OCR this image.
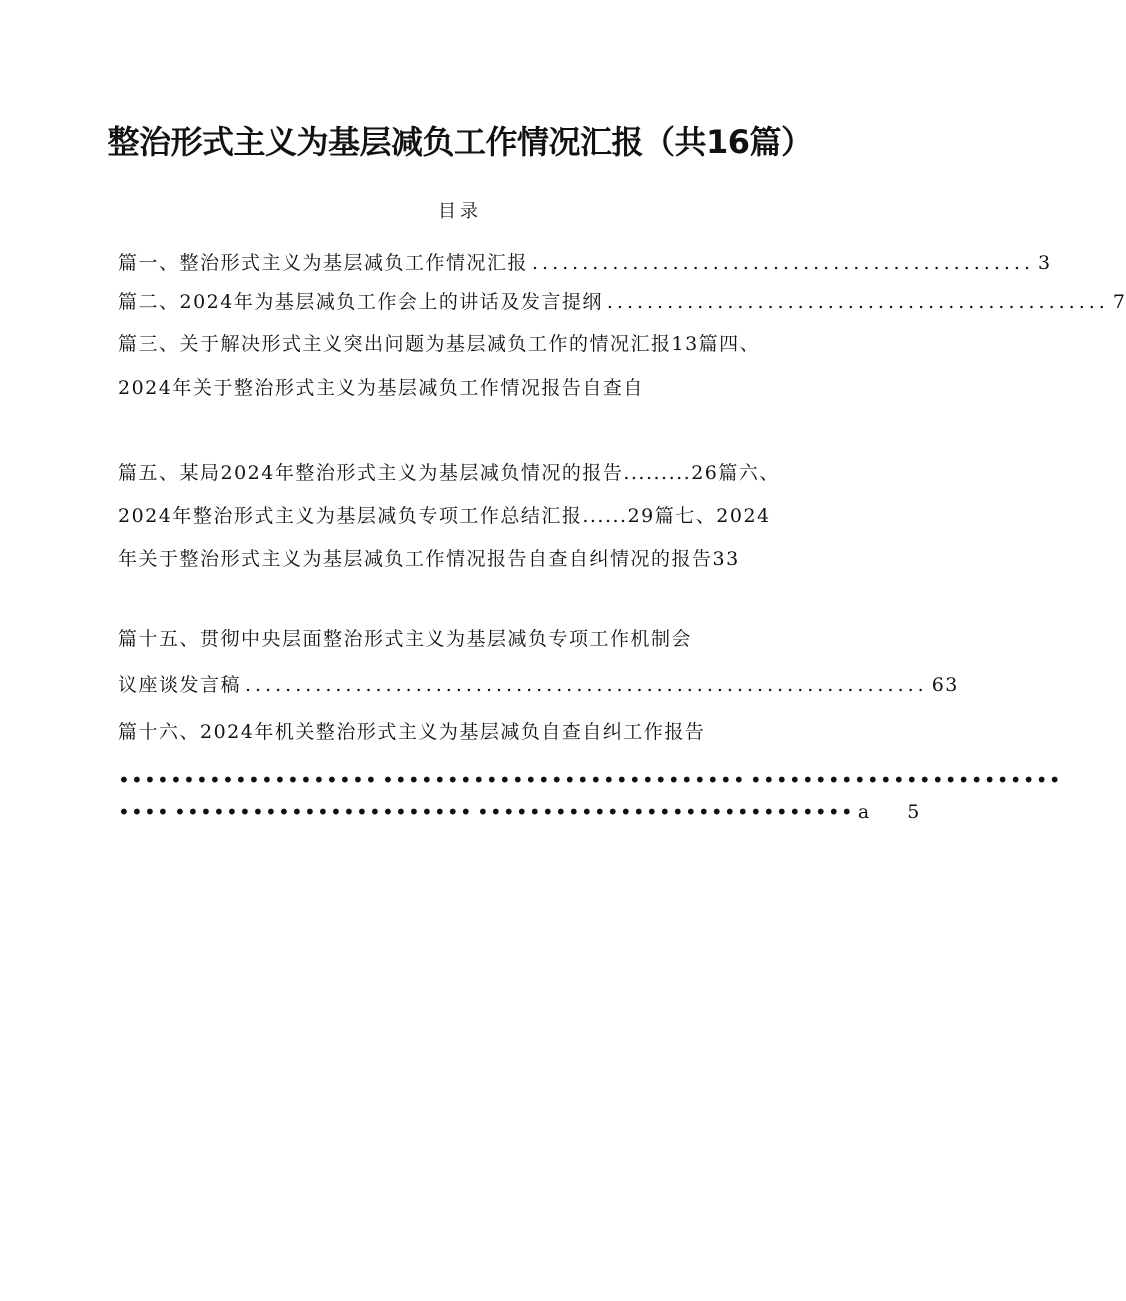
整治形式主义为基层减负工作情况汇报（共16篇）
目录
篇一、整治形式主义为基层减负工作情况汇报 .................................................. 3
篇二、2024年为基层减负工作会上的讲话及发言提纲 .................................................. 7
篇三、关于解决形式主义突出问题为基层减负工作的情况汇报13篇四、
2024年关于整治形式主义为基层减负工作情况报告自查自
篇五、某局2024年整治形式主义为基层减负情况的报告.........26篇六、
2024年整治形式主义为基层减负专项工作总结汇报......29篇七、2024
年关于整治形式主义为基层减负工作情况报告自查自纠情况的报告33
篇十五、贯彻中央层面整治形式主义为基层减负专项工作机制会
议座谈发言稿 .................................................................... 63
篇十六、2024年机关整治形式主义为基层减负自查自纠工作报告
•••••••••••••••••••• •••••••••••••••••••••••••••• ••••••••••••••••••••••••
•••• ••••••••••••••••••••••• ••••••••••••••••••••••••••••• a 5
